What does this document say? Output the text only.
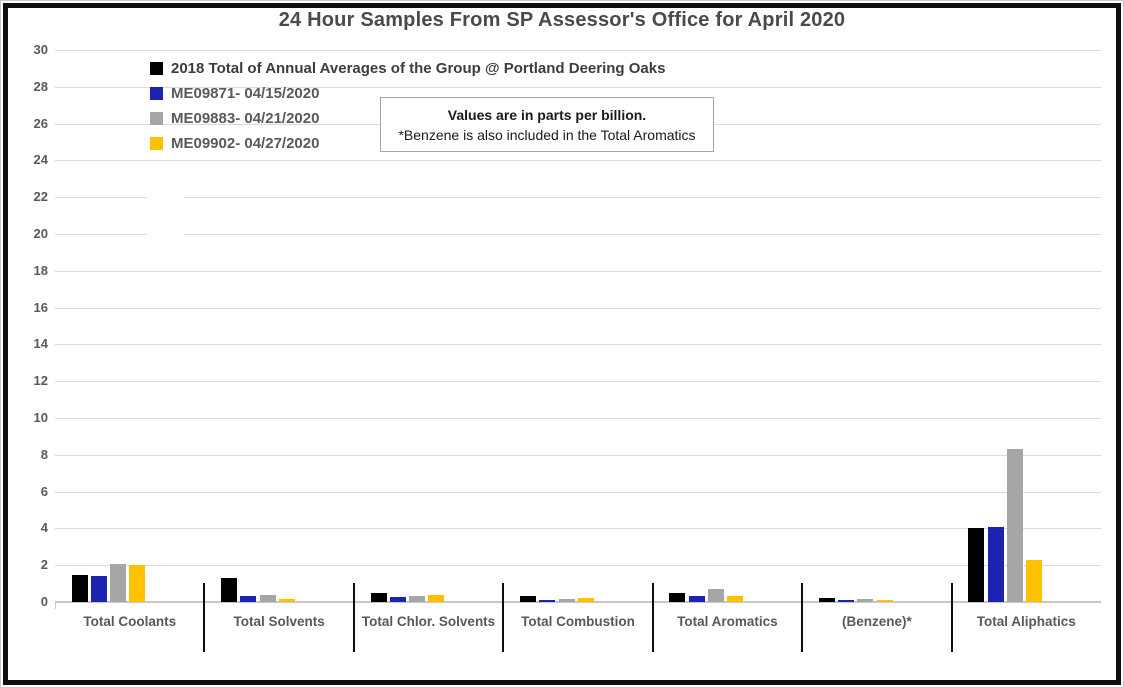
24 Hour Samples From SP Assessor's Office for April 2020
0
2
4
6
8
10
12
14
16
18
20
22
24
26
28
30
Total Coolants	Total Solvents	Total Chlor. Solvents	Total Combustion	Total Aromatics	(Benzene)*	Total Aliphatics
2018 Total of Annual Averages of the Group @ Portland Deering Oaks
ME09871- 04/15/2020
ME09883- 04/21/2020
ME09902- 04/27/2020
Values are in parts per billion.
*Benzene is also included in the Total Aromatics
